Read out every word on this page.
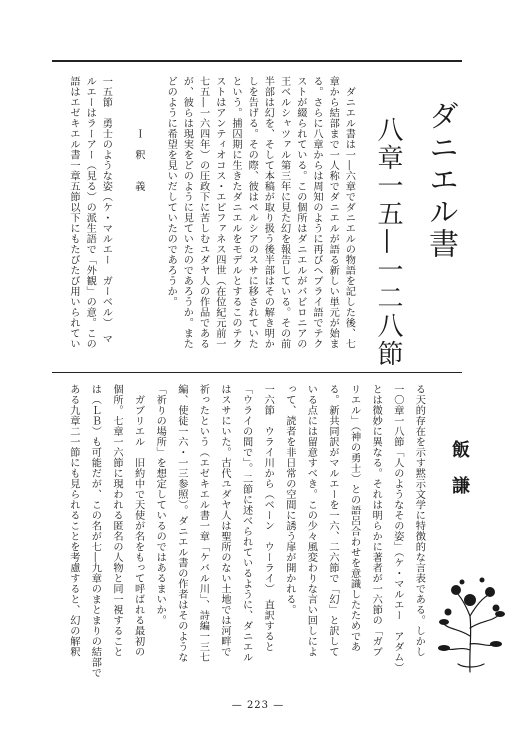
ダニエル書
八章一五—一二八節
飯　謙
　ダニエル書は一―六章でダニエルの物語を記した後、七
章から結部まで一人称でダニエルが語る新しい単元が始ま
る。さらに八章からは周知のように再びヘブライ語でテク
ストが綴られている。この個所はダニエルがバビロニアの
王ベルシャツァル第三年に見た幻を報告している。その前
半部は幻を、そして本稿が取り扱う後半部はその解き明か
しを告げる。その際、彼はペルシアのスサに移されていた
という。捕囚期に生きたダニエルをモデルとするこのテク
ストはアンティオコス・エピファネス四世（在位紀元前一
七五―一六四年）の圧政下に苦しむユダヤ人の作品である
が、彼らは現実をどのように見ていたのであろうか。また
どのように希望を見いだしていたのであろうか。
　　　　　Ｉ　釈　　義
一五節　勇士のような姿（ケ・マルエー　ガーベル）　マ
ルエーはラーアー（見る）の派生語で「外観」の意。この
語はエゼキエル書一章五節以下にもたびたび用いられてい
る天的存在を示す黙示文学に特徴的な言表である。しかし
一〇章一八節「人のようなその姿」（ケ・マルエー　アダム）
とは微妙に異なる。それは明らかに著者が一六節の「ガブ
リエル」（神の勇士）との語呂合わせを意識したためであ
る。新共同訳がマルエーを一六、二六節で「幻」と訳して
いる点には留意すべき。この少々風変わりな言い回しによ
って、読者を非日常の空間に誘う扉が開かれる。
一六節　ウライ川から（ベーン　ウーライ）　直訳すると
「ウライの間で」。二節に述べられているように、ダニエル
はスサにいた。古代ユダヤ人は聖所のない土地では河畔で
祈ったという（エゼキエル書一章「ケバル川」、詩編一三七
編、使徒一六・一三参照）。ダニエル書の作者はそのような
「祈りの場所」を想定しているのではあるまいか。
　ガブリエル　旧約中で天使が名をもって呼ばれる最初の
個所。七章一六節に現われる匿名の人物と同一視すること
は（ＬＢ）も可能だが、この名が七―九章のまとまりの結部で
ある九章二一節にも見られることを考慮すると、幻の解釈
— 223 —
